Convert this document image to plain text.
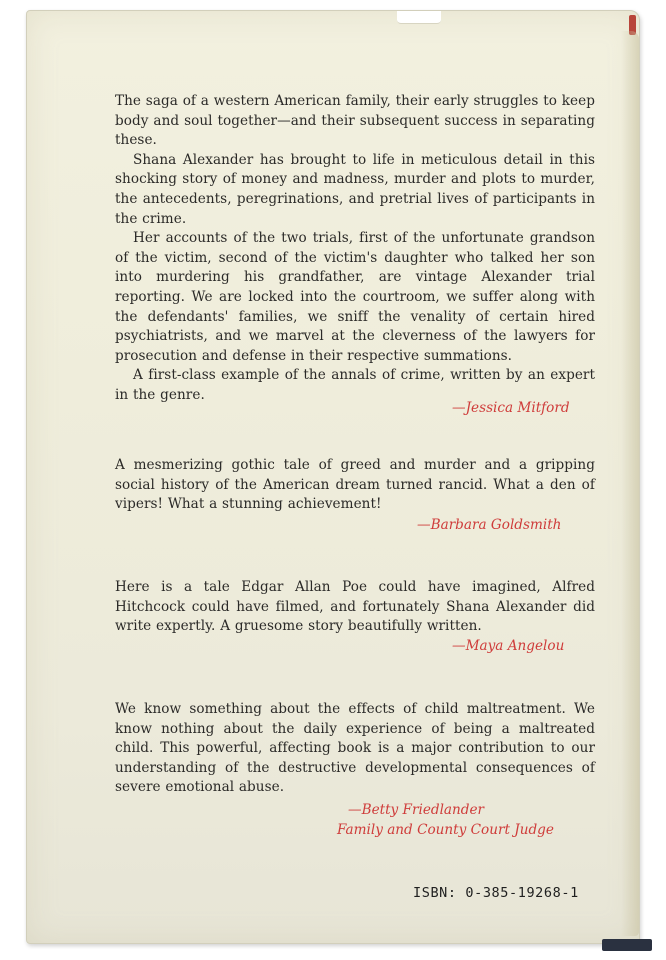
The saga of a western American family, their early struggles to keep body and soul together—and their subsequent success in separating these.

Shana Alexander has brought to life in meticulous detail in this shocking story of money and madness, murder and plots to murder, the antecedents, peregrinations, and pretrial lives of participants in the crime.

Her accounts of the two trials, first of the unfortunate grandson of the victim, second of the victim's daughter who talked her son into murdering his grandfather, are vintage Alexander trial reporting. We are locked into the courtroom, we suffer along with the defendants' families, we sniff the venality of certain hired psychiatrists, and we marvel at the cleverness of the lawyers for prosecution and defense in their respective summations.

A first-class example of the annals of crime, written by an expert in the genre.

—Jessica Mitford

A mesmerizing gothic tale of greed and murder and a gripping social history of the American dream turned rancid. What a den of vipers! What a stunning achievement!

—Barbara Goldsmith

Here is a tale Edgar Allan Poe could have imagined, Alfred Hitchcock could have filmed, and fortunately Shana Alexander did write expertly. A gruesome story beautifully written.

—Maya Angelou

We know something about the effects of child maltreatment. We know nothing about the daily experience of being a maltreated child. This powerful, affecting book is a major contribution to our understanding of the destructive developmental consequences of severe emotional abuse.

—Betty Friedlander
Family and County Court Judge
ISBN: 0-385-19268-1
